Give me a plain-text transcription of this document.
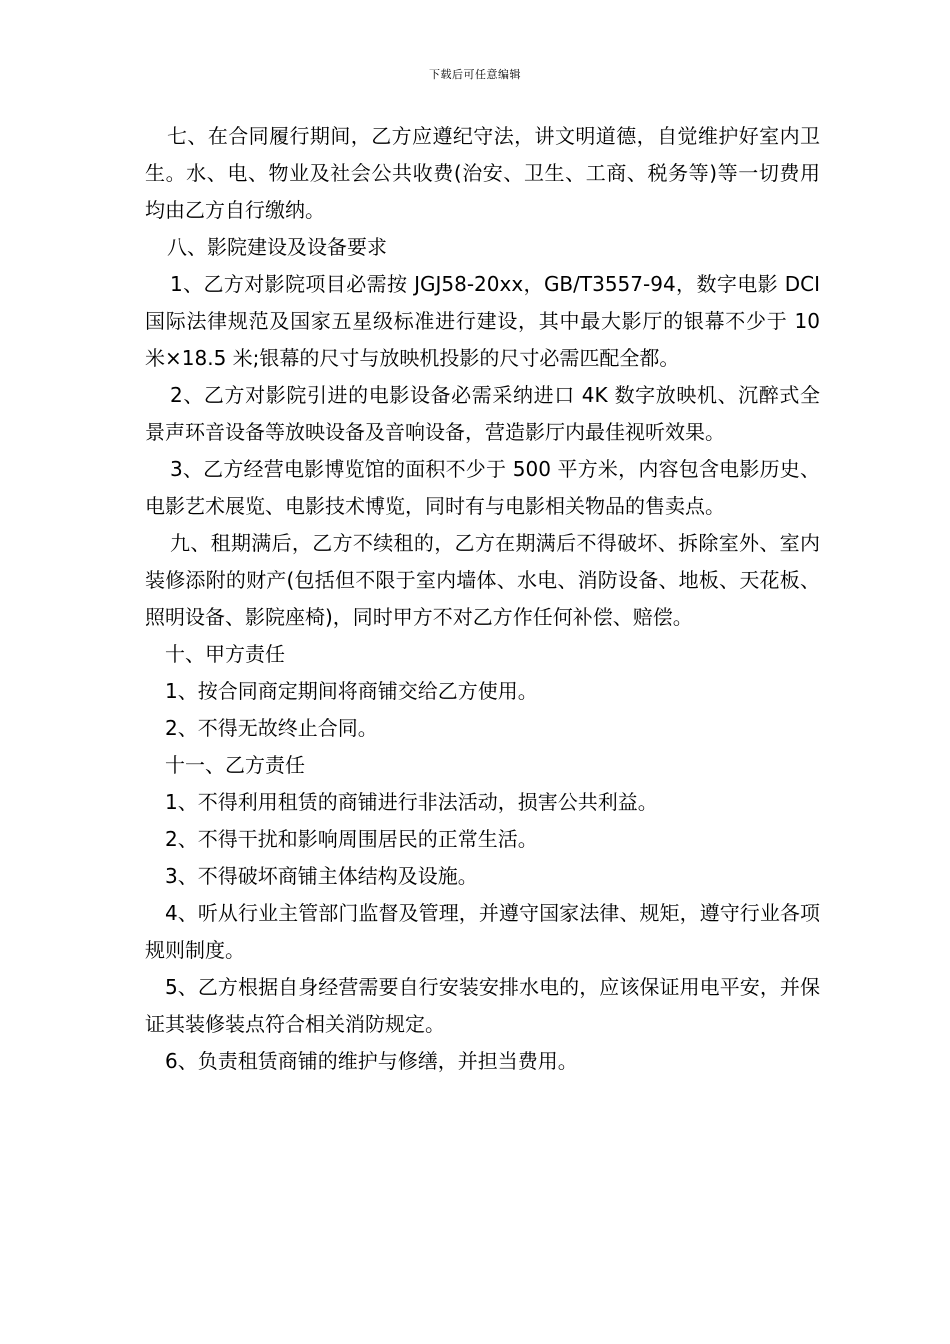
下载后可任意编辑

七、在合同履行期间，乙方应遵纪守法，讲文明道德，自觉维护好室内卫生。水、电、物业及社会公共收费(治安、卫生、工商、税务等)等一切费用均由乙方自行缴纳。

八、影院建设及设备要求

1、乙方对影院项目必需按 JGJ58-20xx，GB/T3557-94，数字电影 DCI 国际法律规范及国家五星级标准进行建设，其中最大影厅的银幕不少于 10 米×18.5 米;银幕的尺寸与放映机投影的尺寸必需匹配全都。

2、乙方对影院引进的电影设备必需采纳进口 4K 数字放映机、沉醉式全景声环音设备等放映设备及音响设备，营造影厅内最佳视听效果。

3、乙方经营电影博览馆的面积不少于 500 平方米，内容包含电影历史、电影艺术展览、电影技术博览，同时有与电影相关物品的售卖点。

九、租期满后，乙方不续租的，乙方在期满后不得破坏、拆除室外、室内装修添附的财产(包括但不限于室内墙体、水电、消防设备、地板、天花板、照明设备、影院座椅)，同时甲方不对乙方作任何补偿、赔偿。

十、甲方责任

1、按合同商定期间将商铺交给乙方使用。

2、不得无故终止合同。

十一、乙方责任

1、不得利用租赁的商铺进行非法活动，损害公共利益。

2、不得干扰和影响周围居民的正常生活。

3、不得破坏商铺主体结构及设施。

4、听从行业主管部门监督及管理，并遵守国家法律、规矩，遵守行业各项规则制度。

5、乙方根据自身经营需要自行安装安排水电的，应该保证用电平安，并保证其装修装点符合相关消防规定。

6、负责租赁商铺的维护与修缮，并担当费用。
